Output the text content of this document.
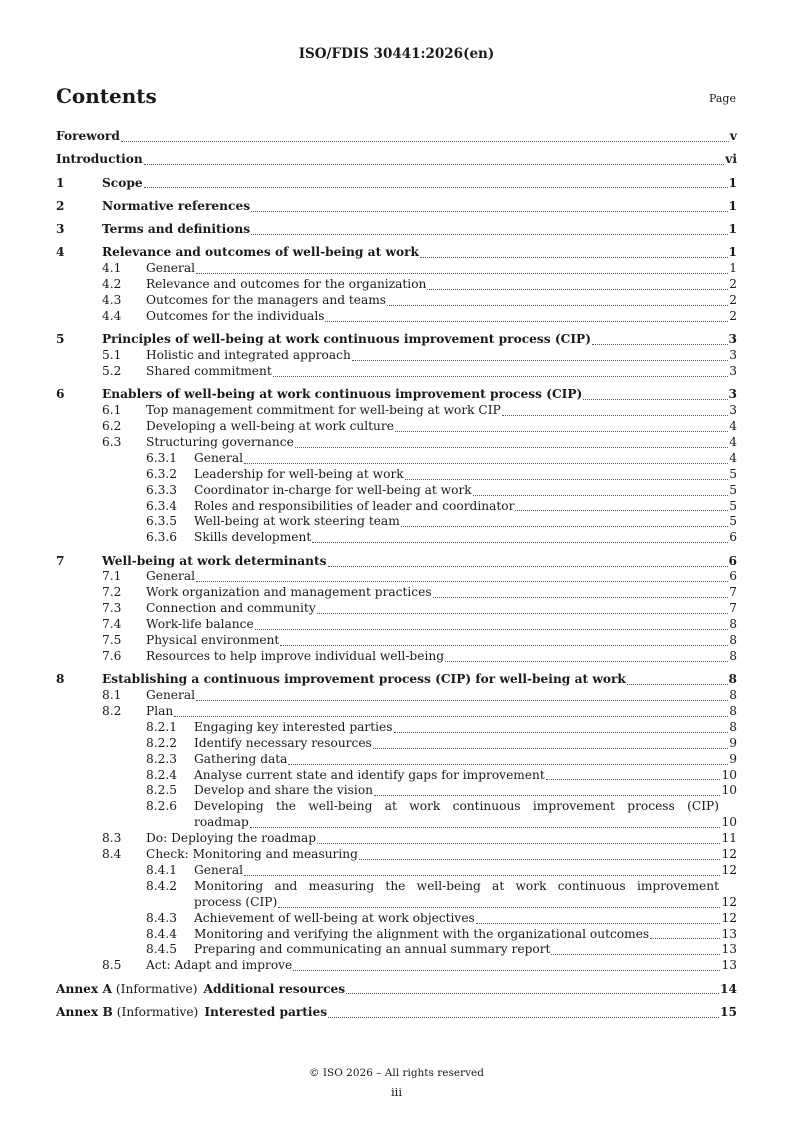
ISO/FDIS 30441:2026(en)
Contents	Page
Foreword	v
Introduction	vi
1	Scope	1
2	Normative references	1
3	Terms and definitions	1
4	Relevance and outcomes of well-being at work	1
4.1	General	1
4.2	Relevance and outcomes for the organization	2
4.3	Outcomes for the managers and teams	2
4.4	Outcomes for the individuals	2
5	Principles of well-being at work continuous improvement process (CIP)	3
5.1	Holistic and integrated approach	3
5.2	Shared commitment	3
6	Enablers of well-being at work continuous improvement process (CIP)	3
6.1	Top management commitment for well-being at work CIP	3
6.2	Developing a well-being at work culture	4
6.3	Structuring governance	4
6.3.1	General	4
6.3.2	Leadership for well-being at work	5
6.3.3	Coordinator in-charge for well-being at work	5
6.3.4	Roles and responsibilities of leader and coordinator	5
6.3.5	Well-being at work steering team	5
6.3.6	Skills development	6
7	Well-being at work determinants	6
7.1	General	6
7.2	Work organization and management practices	7
7.3	Connection and community	7
7.4	Work-life balance	8
7.5	Physical environment	8
7.6	Resources to help improve individual well-being	8
8	Establishing a continuous improvement process (CIP) for well-being at work	8
8.1	General	8
8.2	Plan	8
8.2.1	Engaging key interested parties	8
8.2.2	Identify necessary resources	9
8.2.3	Gathering data	9
8.2.4	Analyse current state and identify gaps for improvement	10
8.2.5	Develop and share the vision	10
8.2.6	Developing the well-being at work continuous improvement process (CIP)
roadmap	10
8.3	Do: Deploying the roadmap	11
8.4	Check: Monitoring and measuring	12
8.4.1	General	12
8.4.2	Monitoring and measuring the well-being at work continuous improvement
process (CIP)	12
8.4.3	Achievement of well-being at work objectives	12
8.4.4	Monitoring and verifying the alignment with the organizational outcomes	13
8.4.5	Preparing and communicating an annual summary report	13
8.5	Act: Adapt and improve	13
Annex A (Informative) Additional resources	14
Annex B (Informative) Interested parties	15
© ISO 2026 – All rights reserved
iii
